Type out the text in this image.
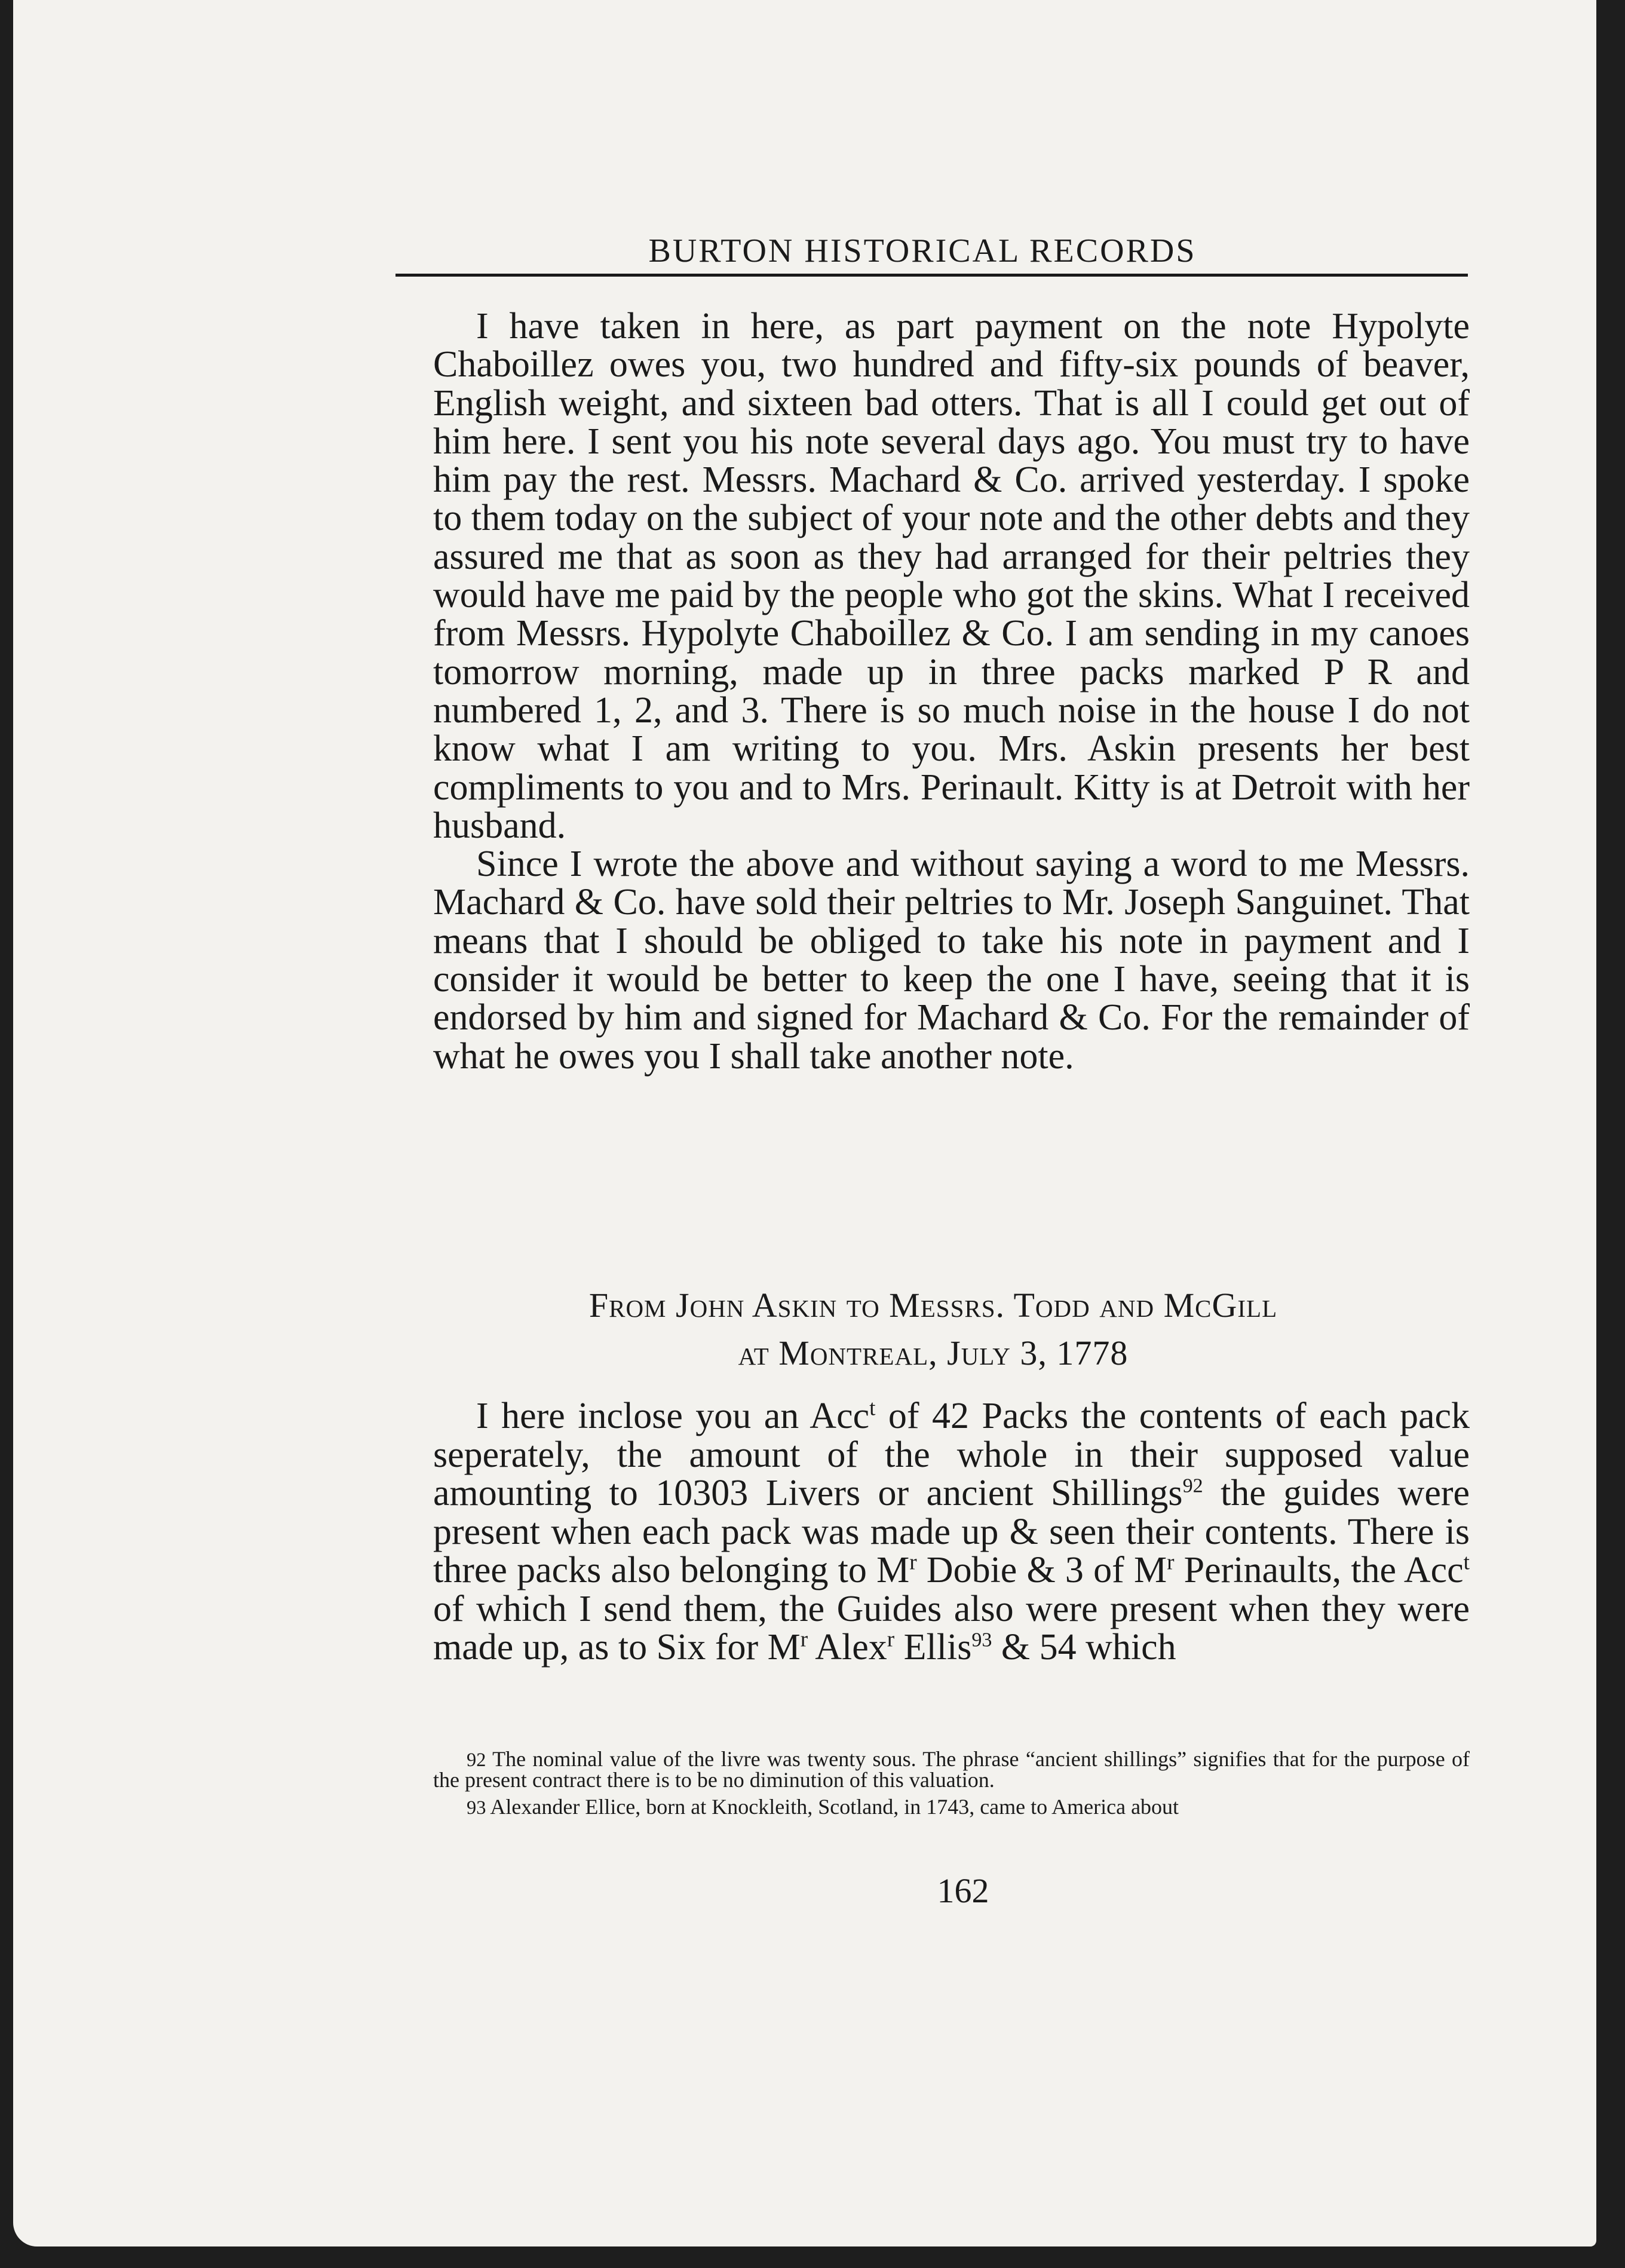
BURTON HISTORICAL RECORDS

I have taken in here, as part payment on the note Hypolyte Chaboillez owes you, two hundred and fifty-six pounds of beaver, English weight, and sixteen bad otters. That is all I could get out of him here. I sent you his note several days ago. You must try to have him pay the rest. Messrs. Machard & Co. arrived yesterday. I spoke to them today on the subject of your note and the other debts and they assured me that as soon as they had arranged for their peltries they would have me paid by the people who got the skins. What I received from Messrs. Hypolyte Chaboillez & Co. I am sending in my canoes tomorrow morning, made up in three packs marked P R and numbered 1, 2, and 3. There is so much noise in the house I do not know what I am writing to you. Mrs. Askin presents her best compliments to you and to Mrs. Perinault. Kitty is at Detroit with her husband.

Since I wrote the above and without saying a word to me Messrs. Machard & Co. have sold their peltries to Mr. Joseph Sanguinet. That means that I should be obliged to take his note in payment and I consider it would be better to keep the one I have, seeing that it is endorsed by him and signed for Machard & Co. For the remainder of what he owes you I shall take another note.

From John Askin to Messrs. Todd and McGill
at Montreal, July 3, 1778

I here inclose you an Acc$^t$ of 42 Packs the contents of each pack seperately, the amount of the whole in their supposed value amounting to 10303 Livers or ancient Shillings$^{92}$ the guides were present when each pack was made up & seen their contents. There is three packs also belonging to $M^r$ Dobie & 3 of $M^r$ Perinaults, the Acc$^t$ of which I send them, the Guides also were present when they were made up, as to Six for $M^r$ Alex$^r$ Ellis$^{93}$ & 54 which

92 The nominal value of the livre was twenty sous. The phrase “ancient shillings” signifies that for the purpose of the present contract there is to be no diminution of this valuation.

93 Alexander Ellice, born at Knockleith, Scotland, in 1743, came to America about

162
